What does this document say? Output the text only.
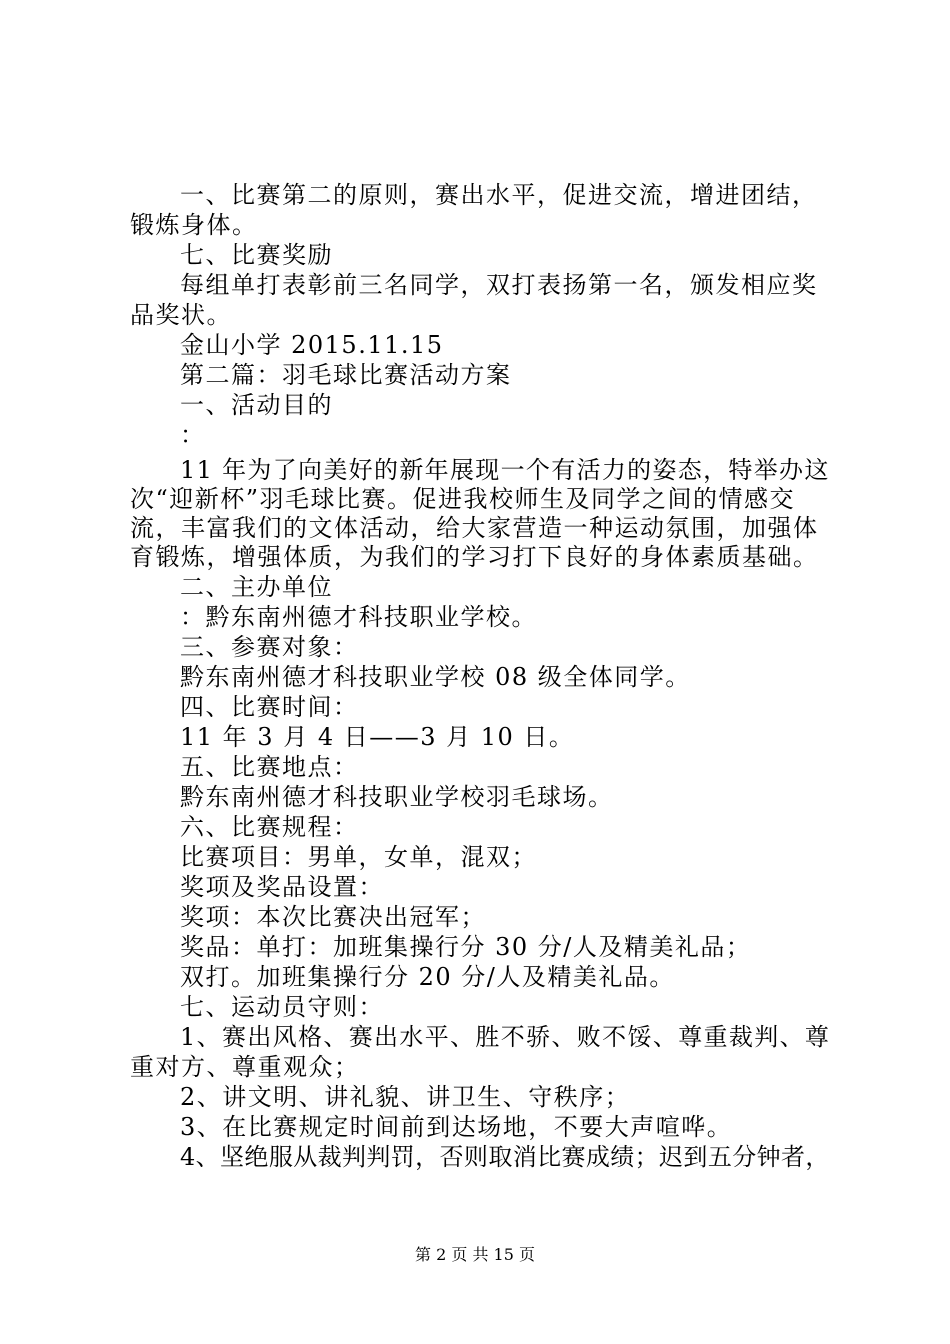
一、比赛第二的原则，赛出水平，促进交流，增进团结，
锻炼身体。
七、比赛奖励
每组单打表彰前三名同学，双打表扬第一名，颁发相应奖
品奖状。
金山小学 2015.11.15
第二篇：羽毛球比赛活动方案
一、活动目的
：
11 年为了向美好的新年展现一个有活力的姿态，特举办这
次“迎新杯”羽毛球比赛。促进我校师生及同学之间的情感交
流，丰富我们的文体活动，给大家营造一种运动氛围，加强体
育锻炼，增强体质，为我们的学习打下良好的身体素质基础。
二、主办单位
：黔东南州德才科技职业学校。
三、参赛对象：
黔东南州德才科技职业学校 08 级全体同学。
四、比赛时间：
11 年 3 月 4 日——3 月 10 日。
五、比赛地点：
黔东南州德才科技职业学校羽毛球场。
六、比赛规程：
比赛项目：男单，女单，混双；
奖项及奖品设置：
奖项：本次比赛决出冠军；
奖品：单打：加班集操行分 30 分/人及精美礼品；
双打。加班集操行分 20 分/人及精美礼品。
七、运动员守则：
1、赛出风格、赛出水平、胜不骄、败不馁、尊重裁判、尊
重对方、尊重观众；
2、讲文明、讲礼貌、讲卫生、守秩序；
3、在比赛规定时间前到达场地，不要大声喧哗。
4、坚绝服从裁判判罚，否则取消比赛成绩；迟到五分钟者，
第 2 页 共 15 页
